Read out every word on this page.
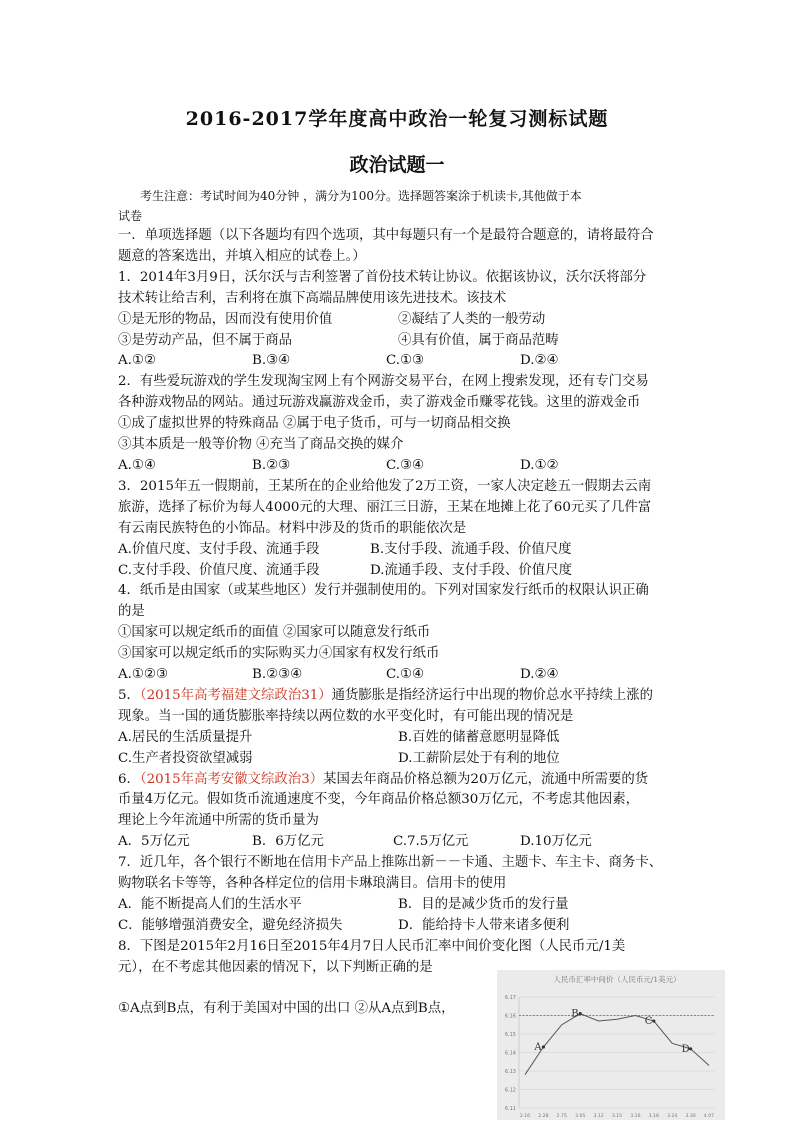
2016-2017学年度高中政治一轮复习测标试题
政治试题一

考生注意：考试时间为40分钟 ，满分为100分。选择题答案涂于机读卡,其他做于本

试卷

一．单项选择题（以下各题均有四个选项，其中每题只有一个是最符合题意的，请将最符合

题意的答案选出，并填入相应的试卷上。）

1．2014年3月9日，沃尔沃与吉利签署了首份技术转让协议。依据该协议，沃尔沃将部分

技术转让给吉利，吉利将在旗下高端品牌使用该先进技术。该技术

①是无形的物品，因而没有使用价值	②凝结了人类的一般劳动
③是劳动产品，但不属于商品	④具有价值，属于商品范畴
A.①②	B.③④	C.①③	D.②④

2．有些爱玩游戏的学生发现淘宝网上有个网游交易平台，在网上搜索发现，还有专门交易

各种游戏物品的网站。通过玩游戏赢游戏金币，卖了游戏金币赚零花钱。这里的游戏金币

①成了虚拟世界的特殊商品 ②属于电子货币，可与一切商品相交换

③其本质是一般等价物 ④充当了商品交换的媒介

A.①④	B.②③	C.③④	D.①②

3．2015年五一假期前，王某所在的企业给他发了2万工资，一家人决定趁五一假期去云南

旅游，选择了标价为每人4000元的大理、丽江三日游，王某在地摊上花了60元买了几件富

有云南民族特色的小饰品。材料中涉及的货币的职能依次是

A.价值尺度、支付手段、流通手段	B.支付手段、流通手段、价值尺度
C.支付手段、价值尺度、流通手段	D.流通手段、支付手段、价值尺度

4．纸币是由国家（或某些地区）发行并强制使用的。下列对国家发行纸币的权限认识正确

的是

①国家可以规定纸币的面值 ②国家可以随意发行纸币

③国家可以规定纸币的实际购买力④国家有权发行纸币

A.①②③	B.②③④	C.①④	D.②④

5．（2015年高考福建文综政治31）通货膨胀是指经济运行中出现的物价总水平持续上涨的

现象。当一国的通货膨胀率持续以两位数的水平变化时，有可能出现的情况是

A.居民的生活质量提升	B.百姓的储蓄意愿明显降低
C.生产者投资欲望减弱	D.工薪阶层处于有利的地位

6．（2015年高考安徽文综政治3）某国去年商品价格总额为20万亿元，流通中所需要的货

币量4万亿元。假如货币流通速度不变，今年商品价格总额30万亿元，不考虑其他因素，

理论上今年流通中所需的货币量为

A．5万亿元	B．6万亿元	C.7.5万亿元	D.10万亿元

7．近几年，各个银行不断地在信用卡产品上推陈出新－－卡通、主题卡、车主卡、商务卡、

购物联名卡等等，各种各样定位的信用卡琳琅满目。信用卡的使用

A．能不断提高人们的生活水平	B．目的是减少货币的发行量
C．能够增强消费安全，避免经济损失	D．能给持卡人带来诸多便利

8．下图是2015年2月16日至2015年4月7日人民币汇率中间价变化图（人民币元/1美

元），在不考虑其他因素的情况下，以下判断正确的是

①A点到B点，有利于美国对中国的出口 ②从A点到B点，

人民币汇率中间价（人民币元/1美元）
6.17
6.16
6.15
6.14
6.13
6.12
6.11
2.16 2.28 2.75 3.05 3.12 3.15 3.16 3.18 3.24 3.30 4.07
A
B
C
D
